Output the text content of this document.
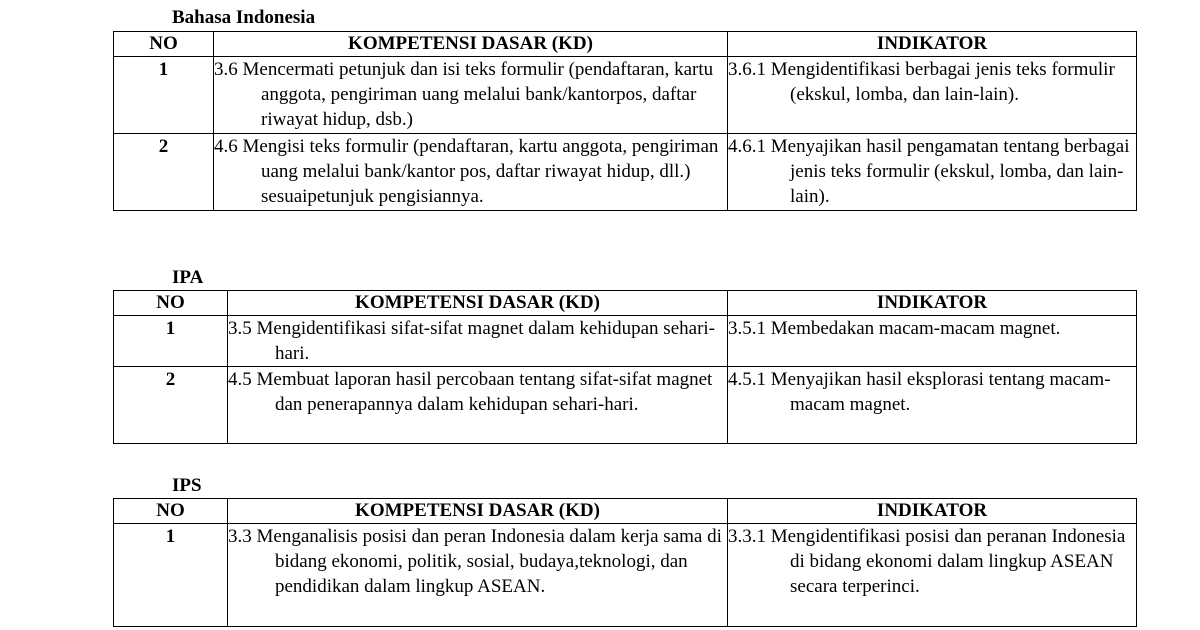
Bahasa Indonesia
NO	KOMPETENSI DASAR (KD)	INDIKATOR
1	3.6 Mencermati petunjuk dan isi teks formulir (pendaftaran, kartu anggota, pengiriman uang melalui bank/kantorpos, daftar riwayat hidup, dsb.)	3.6.1 Mengidentifikasi berbagai jenis teks formulir (ekskul, lomba, dan lain-lain).

2	4.6 Mengisi teks formulir (pendaftaran, kartu anggota, pengiriman uang melalui bank/kantor pos, daftar riwayat hidup, dll.) sesuaipetunjuk pengisiannya.	4.6.1 Menyajikan hasil pengamatan tentang berbagai jenis teks formulir (ekskul, lomba, dan lain-lain).
IPA
NO	KOMPETENSI DASAR (KD)	INDIKATOR
1	3.5 Mengidentifikasi sifat-sifat magnet dalam kehidupan sehari-hari.	3.5.1 Membedakan macam-macam magnet.

2	4.5 Membuat laporan hasil percobaan tentang sifat-sifat magnet dan penerapannya dalam kehidupan sehari-hari.	4.5.1 Menyajikan hasil eksplorasi tentang macam-macam magnet.
IPS
NO	KOMPETENSI DASAR (KD)	INDIKATOR
1	3.3 Menganalisis posisi dan peran Indonesia dalam kerja sama di bidang ekonomi, politik, sosial, budaya,teknologi, dan pendidikan dalam lingkup ASEAN.	3.3.1 Mengidentifikasi posisi dan peranan Indonesia di bidang ekonomi dalam lingkup ASEAN secara terperinci.
